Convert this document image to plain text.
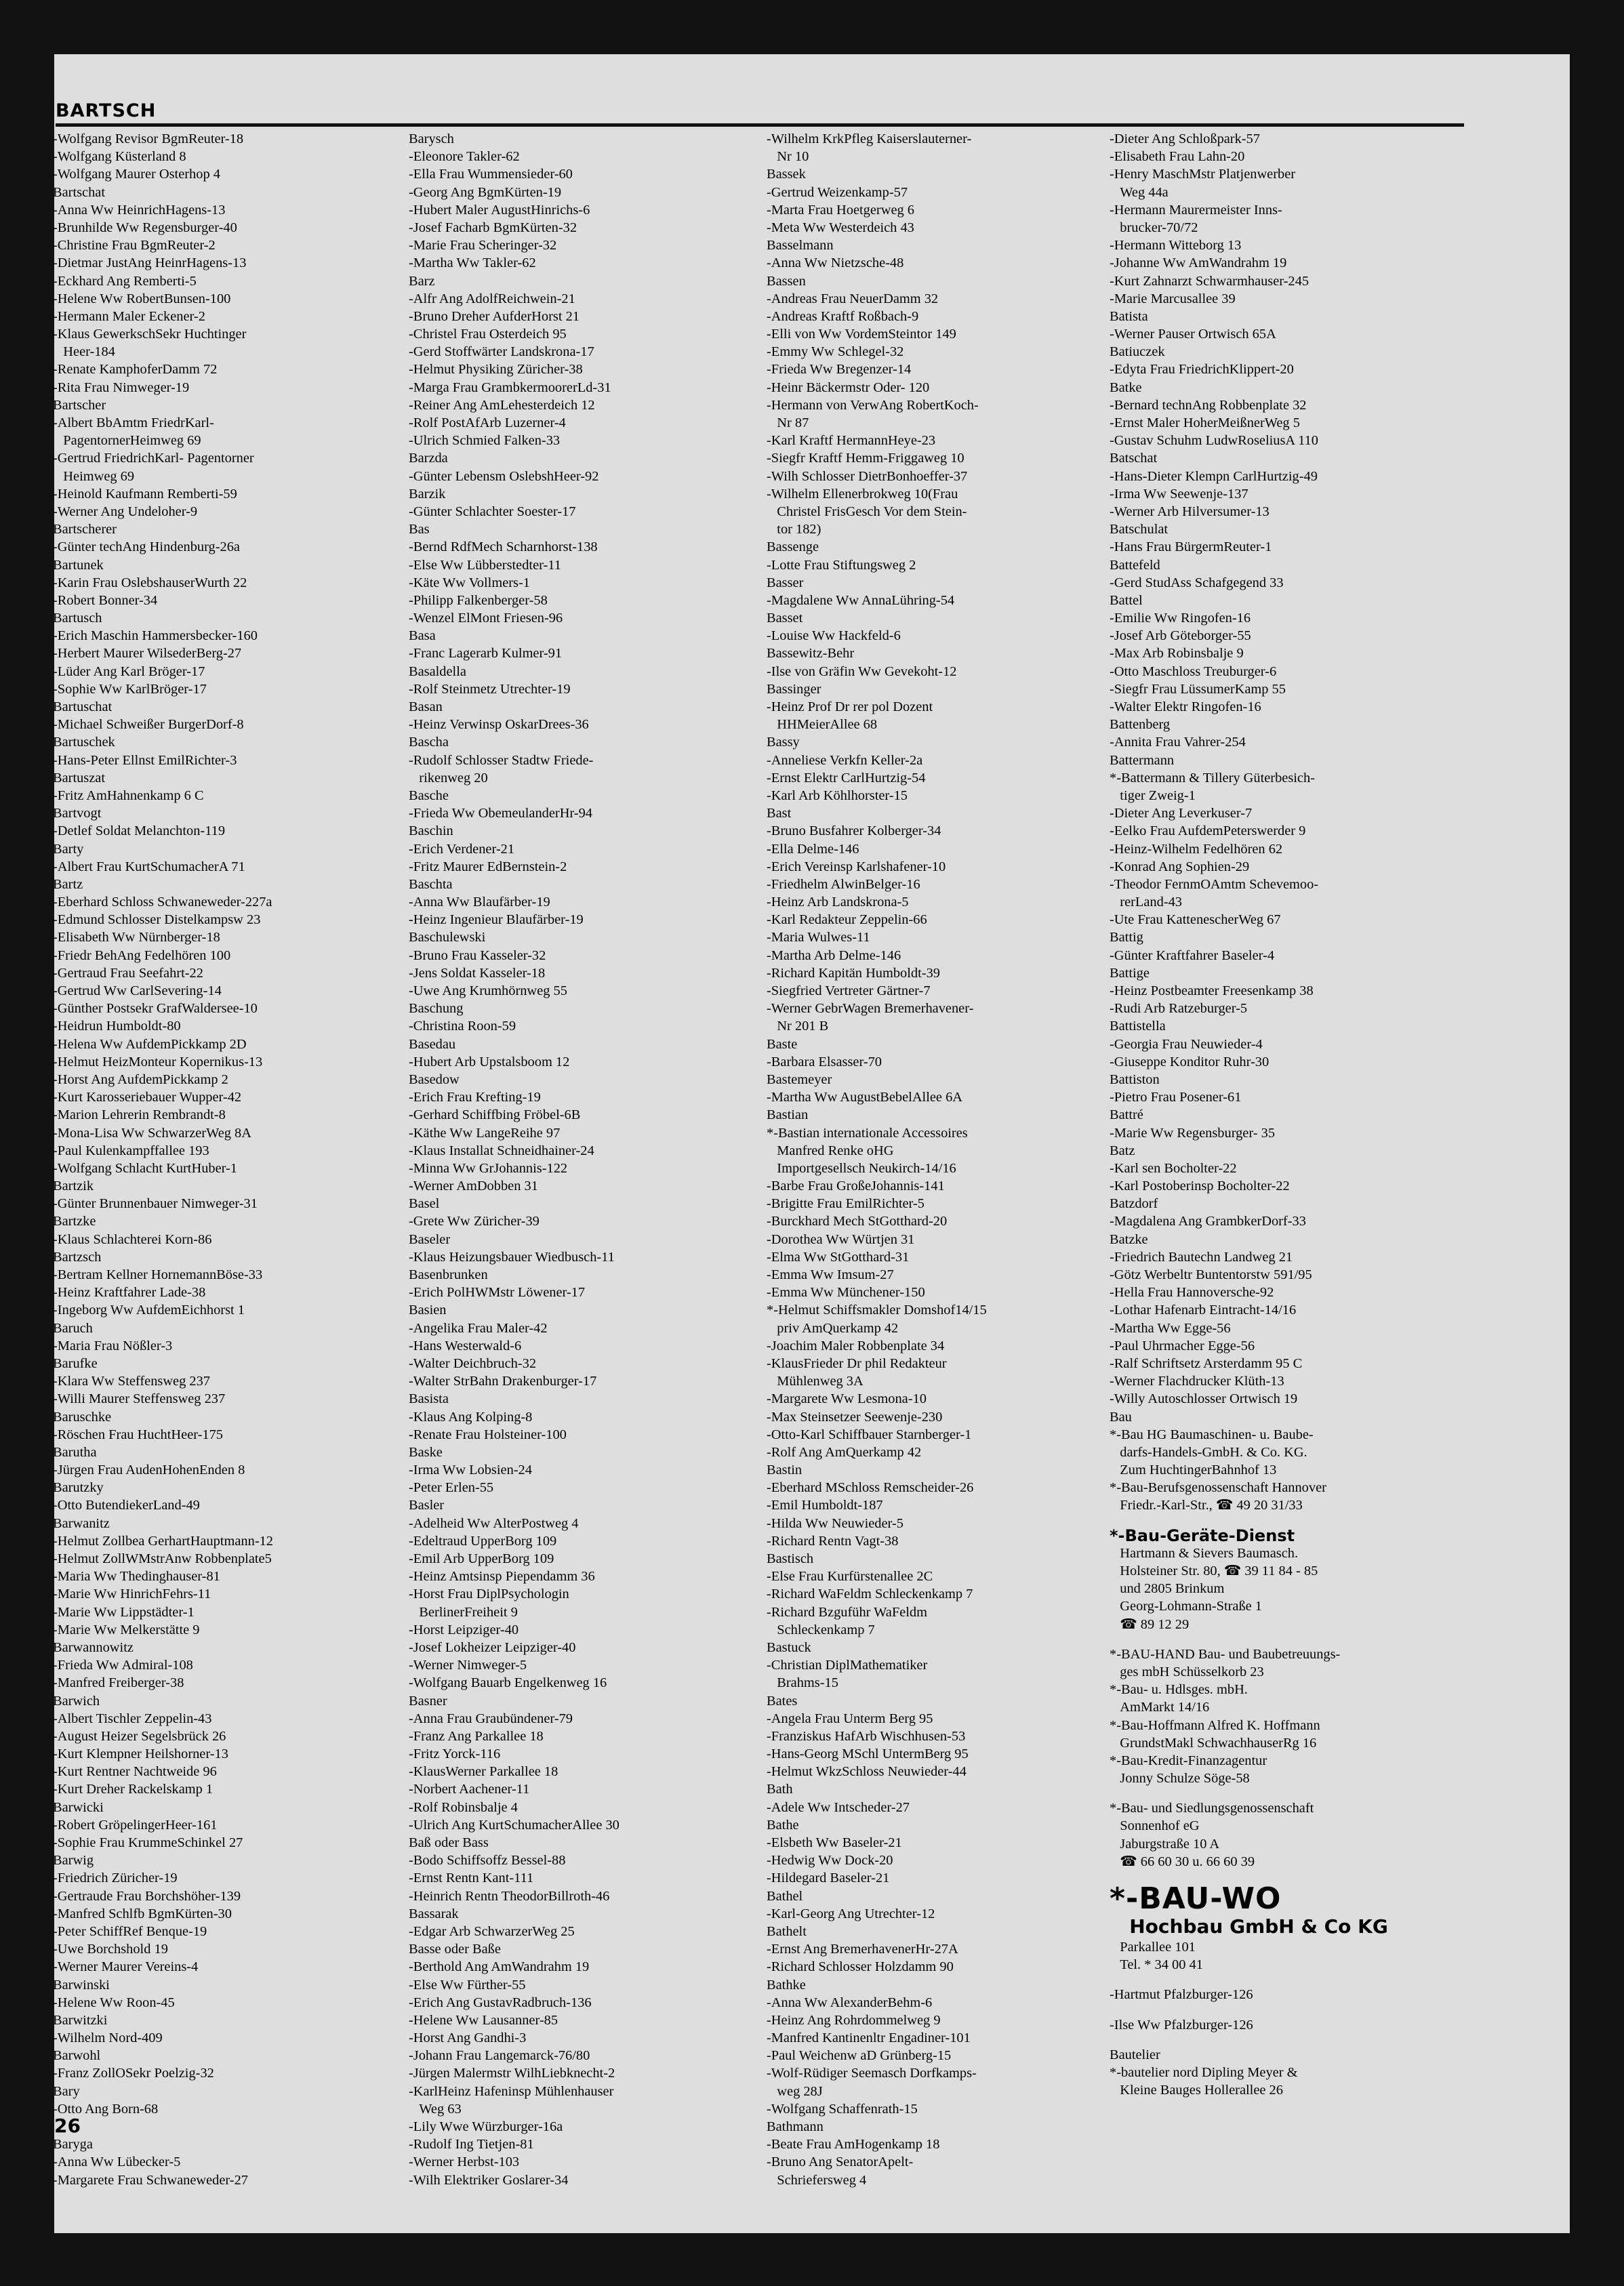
BARTSCH
-Wolfgang Revisor BgmReuter-18
-Wolfgang Küsterland 8
-Wolfgang Maurer Osterhop 4
Bartschat
-Anna Ww HeinrichHagens-13
-Brunhilde Ww Regensburger-40
-Christine Frau BgmReuter-2
-Dietmar JustAng HeinrHagens-13
-Eckhard Ang Remberti-5
-Helene Ww RobertBunsen-100
-Hermann Maler Eckener-2
-Klaus GewerkschSekr Huchtinger
Heer-184
-Renate KamphoferDamm 72
-Rita Frau Nimweger-19
Bartscher
-Albert BbAmtm FriedrKarl-
PagentornerHeimweg 69
-Gertrud FriedrichKarl- Pagentorner
Heimweg 69
-Heinold Kaufmann Remberti-59
-Werner Ang Undeloher-9
Bartscherer
-Günter techAng Hindenburg-26a
Bartunek
-Karin Frau OslebshauserWurth 22
-Robert Bonner-34
Bartusch
-Erich Maschin Hammersbecker-160
-Herbert Maurer WilsederBerg-27
-Lüder Ang Karl Bröger-17
-Sophie Ww KarlBröger-17
Bartuschat
-Michael Schweißer BurgerDorf-8
Bartuschek
-Hans-Peter Ellnst EmilRichter-3
Bartuszat
-Fritz AmHahnenkamp 6 C
Bartvogt
-Detlef Soldat Melanchton-119
Barty
-Albert Frau KurtSchumacherA 71
Bartz
-Eberhard Schloss Schwaneweder-227a
-Edmund Schlosser Distelkampsw 23
-Elisabeth Ww Nürnberger-18
-Friedr BehAng Fedelhören 100
-Gertraud Frau Seefahrt-22
-Gertrud Ww CarlSevering-14
-Günther Postsekr GrafWaldersee-10
-Heidrun Humboldt-80
-Helena Ww AufdemPickkamp 2D
-Helmut HeizMonteur Kopernikus-13
-Horst Ang AufdemPickkamp 2
-Kurt Karosseriebauer Wupper-42
-Marion Lehrerin Rembrandt-8
-Mona-Lisa Ww SchwarzerWeg 8A
-Paul Kulenkampffallee 193
-Wolfgang Schlacht KurtHuber-1
Bartzik
-Günter Brunnenbauer Nimweger-31
Bartzke
-Klaus Schlachterei Korn-86
Bartzsch
-Bertram Kellner HornemannBöse-33
-Heinz Kraftfahrer Lade-38
-Ingeborg Ww AufdemEichhorst 1
Baruch
-Maria Frau Nößler-3
Barufke
-Klara Ww Steffensweg 237
-Willi Maurer Steffensweg 237
Baruschke
-Röschen Frau HuchtHeer-175
Barutha
-Jürgen Frau AudenHohenEnden 8
Barutzky
-Otto ButendiekerLand-49
Barwanitz
-Helmut Zollbea GerhartHauptmann-12
-Helmut ZollWMstrAnw Robbenplate5
-Maria Ww Thedinghauser-81
-Marie Ww HinrichFehrs-11
-Marie Ww Lippstädter-1
-Marie Ww Melkerstätte 9
Barwannowitz
-Frieda Ww Admiral-108
-Manfred Freiberger-38
Barwich
-Albert Tischler Zeppelin-43
-August Heizer Segelsbrück 26
-Kurt Klempner Heilshorner-13
-Kurt Rentner Nachtweide 96
-Kurt Dreher Rackelskamp 1
Barwicki
-Robert GröpelingerHeer-161
-Sophie Frau KrummeSchinkel 27
Barwig
-Friedrich Züricher-19
-Gertraude Frau Borchshöher-139
-Manfred Schlfb BgmKürten-30
-Peter SchiffRef Benque-19
-Uwe Borchshold 19
-Werner Maurer Vereins-4
Barwinski
-Helene Ww Roon-45
Barwitzki
-Wilhelm Nord-409
Barwohl
-Franz ZollOSekr Poelzig-32
Bary
-Otto Ang Born-68
Baryga
-Anna Ww Lübecker-5
-Margarete Frau Schwaneweder-27
Barysch
-Eleonore Takler-62
-Ella Frau Wummensieder-60
-Georg Ang BgmKürten-19
-Hubert Maler AugustHinrichs-6
-Josef Facharb BgmKürten-32
-Marie Frau Scheringer-32
-Martha Ww Takler-62
Barz
-Alfr Ang AdolfReichwein-21
-Bruno Dreher AufderHorst 21
-Christel Frau Osterdeich 95
-Gerd Stoffwärter Landskrona-17
-Helmut Physiking Züricher-38
-Marga Frau GrambkermoorerLd-31
-Reiner Ang AmLehesterdeich 12
-Rolf PostAfArb Luzerner-4
-Ulrich Schmied Falken-33
Barzda
-Günter Lebensm OslebshHeer-92
Barzik
-Günter Schlachter Soester-17
Bas
-Bernd RdfMech Scharnhorst-138
-Else Ww Lübberstedter-11
-Käte Ww Vollmers-1
-Philipp Falkenberger-58
-Wenzel ElMont Friesen-96
Basa
-Franc Lagerarb Kulmer-91
Basaldella
-Rolf Steinmetz Utrechter-19
Basan
-Heinz Verwinsp OskarDrees-36
Bascha
-Rudolf Schlosser Stadtw Friede-
rikenweg 20
Basche
-Frieda Ww ObemeulanderHr-94
Baschin
-Erich Verdener-21
-Fritz Maurer EdBernstein-2
Baschta
-Anna Ww Blaufärber-19
-Heinz Ingenieur Blaufärber-19
Baschulewski
-Bruno Frau Kasseler-32
-Jens Soldat Kasseler-18
-Uwe Ang Krumhörnweg 55
Baschung
-Christina Roon-59
Basedau
-Hubert Arb Upstalsboom 12
Basedow
-Erich Frau Krefting-19
-Gerhard Schiffbing Fröbel-6B
-Käthe Ww LangeReihe 97
-Klaus Installat Schneidhainer-24
-Minna Ww GrJohannis-122
-Werner AmDobben 31
Basel
-Grete Ww Züricher-39
Baseler
-Klaus Heizungsbauer Wiedbusch-11
Basenbrunken
-Erich PolHWMstr Löwener-17
Basien
-Angelika Frau Maler-42
-Hans Westerwald-6
-Walter Deichbruch-32
-Walter StrBahn Drakenburger-17
Basista
-Klaus Ang Kolping-8
-Renate Frau Holsteiner-100
Baske
-Irma Ww Lobsien-24
-Peter Erlen-55
Basler
-Adelheid Ww AlterPostweg 4
-Edeltraud UpperBorg 109
-Emil Arb UpperBorg 109
-Heinz Amtsinsp Piependamm 36
-Horst Frau DiplPsychologin
BerlinerFreiheit 9
-Horst Leipziger-40
-Josef Lokheizer Leipziger-40
-Werner Nimweger-5
-Wolfgang Bauarb Engelkenweg 16
Basner
-Anna Frau Graubündener-79
-Franz Ang Parkallee 18
-Fritz Yorck-116
-KlausWerner Parkallee 18
-Norbert Aachener-11
-Rolf Robinsbalje 4
-Ulrich Ang KurtSchumacherAllee 30
Baß oder Bass
-Bodo Schiffsoffz Bessel-88
-Ernst Rentn Kant-111
-Heinrich Rentn TheodorBillroth-46
Bassarak
-Edgar Arb SchwarzerWeg 25
Basse oder Baße
-Berthold Ang AmWandrahm 19
-Else Ww Fürther-55
-Erich Ang GustavRadbruch-136
-Helene Ww Lausanner-85
-Horst Ang Gandhi-3
-Johann Frau Langemarck-76/80
-Jürgen Malermstr WilhLiebknecht-2
-KarlHeinz Hafeninsp Mühlenhauser
Weg 63
-Lily Wwe Würzburger-16a
-Rudolf Ing Tietjen-81
-Werner Herbst-103
-Wilh Elektriker Goslarer-34
-Wilhelm KrkPfleg Kaiserslauterner-
Nr 10
Bassek
-Gertrud Weizenkamp-57
-Marta Frau Hoetgerweg 6
-Meta Ww Westerdeich 43
Basselmann
-Anna Ww Nietzsche-48
Bassen
-Andreas Frau NeuerDamm 32
-Andreas Kraftf Roßbach-9
-Elli von Ww VordemSteintor 149
-Emmy Ww Schlegel-32
-Frieda Ww Bregenzer-14
-Heinr Bäckermstr Oder- 120
-Hermann von VerwAng RobertKoch-
Nr 87
-Karl Kraftf HermannHeye-23
-Siegfr Kraftf Hemm-Friggaweg 10
-Wilh Schlosser DietrBonhoeffer-37
-Wilhelm Ellenerbrokweg 10(Frau
Christel FrisGesch Vor dem Stein-
tor 182)
Bassenge
-Lotte Frau Stiftungsweg 2
Basser
-Magdalene Ww AnnaLühring-54
Basset
-Louise Ww Hackfeld-6
Bassewitz-Behr
-Ilse von Gräfin Ww Gevekoht-12
Bassinger
-Heinz Prof Dr rer pol Dozent
HHMeierAllee 68
Bassy
-Anneliese Verkfn Keller-2a
-Ernst Elektr CarlHurtzig-54
-Karl Arb Köhlhorster-15
Bast
-Bruno Busfahrer Kolberger-34
-Ella Delme-146
-Erich Vereinsp Karlshafener-10
-Friedhelm AlwinBelger-16
-Heinz Arb Landskrona-5
-Karl Redakteur Zeppelin-66
-Maria Wulwes-11
-Martha Arb Delme-146
-Richard Kapitän Humboldt-39
-Siegfried Vertreter Gärtner-7
-Werner GebrWagen Bremerhavener-
Nr 201 B
Baste
-Barbara Elsasser-70
Bastemeyer
-Martha Ww AugustBebelAllee 6A
Bastian
*-Bastian internationale Accessoires
Manfred Renke oHG
Importgesellsch Neukirch-14/16
-Barbe Frau GroßeJohannis-141
-Brigitte Frau EmilRichter-5
-Burckhard Mech StGotthard-20
-Dorothea Ww Würtjen 31
-Elma Ww StGotthard-31
-Emma Ww Imsum-27
-Emma Ww Münchener-150
*-Helmut Schiffsmakler Domshof14/15
priv AmQuerkamp 42
-Joachim Maler Robbenplate 34
-KlausFrieder Dr phil Redakteur
Mühlenweg 3A
-Margarete Ww Lesmona-10
-Max Steinsetzer Seewenje-230
-Otto-Karl Schiffbauer Starnberger-1
-Rolf Ang AmQuerkamp 42
Bastin
-Eberhard MSchloss Remscheider-26
-Emil Humboldt-187
-Hilda Ww Neuwieder-5
-Richard Rentn Vagt-38
Bastisch
-Else Frau Kurfürstenallee 2C
-Richard WaFeldm Schleckenkamp 7
-Richard Bzguführ WaFeldm
Schleckenkamp 7
Bastuck
-Christian DiplMathematiker
Brahms-15
Bates
-Angela Frau Unterm Berg 95
-Franziskus HafArb Wischhusen-53
-Hans-Georg MSchl UntermBerg 95
-Helmut WkzSchloss Neuwieder-44
Bath
-Adele Ww Intscheder-27
Bathe
-Elsbeth Ww Baseler-21
-Hedwig Ww Dock-20
-Hildegard Baseler-21
Bathel
-Karl-Georg Ang Utrechter-12
Bathelt
-Ernst Ang BremerhavenerHr-27A
-Richard Schlosser Holzdamm 90
Bathke
-Anna Ww AlexanderBehm-6
-Heinz Ang Rohrdommelweg 9
-Manfred Kantinenltr Engadiner-101
-Paul Weichenw aD Grünberg-15
-Wolf-Rüdiger Seemasch Dorfkamps-
weg 28J
-Wolfgang Schaffenrath-15
Bathmann
-Beate Frau AmHogenkamp 18
-Bruno Ang SenatorApelt-
Schriefersweg 4
-Dieter Ang Schloßpark-57
-Elisabeth Frau Lahn-20
-Henry MaschMstr Platjenwerber
Weg 44a
-Hermann Maurermeister Inns-
brucker-70/72
-Hermann Witteborg 13
-Johanne Ww AmWandrahm 19
-Kurt Zahnarzt Schwarmhauser-245
-Marie Marcusallee 39
Batista
-Werner Pauser Ortwisch 65A
Batiuczek
-Edyta Frau FriedrichKlippert-20
Batke
-Bernard technAng Robbenplate 32
-Ernst Maler HoherMeißnerWeg 5
-Gustav Schuhm LudwRoseliusA 110
Batschat
-Hans-Dieter Klempn CarlHurtzig-49
-Irma Ww Seewenje-137
-Werner Arb Hilversumer-13
Batschulat
-Hans Frau BürgermReuter-1
Battefeld
-Gerd StudAss Schafgegend 33
Battel
-Emilie Ww Ringofen-16
-Josef Arb Göteborger-55
-Max Arb Robinsbalje 9
-Otto Maschloss Treuburger-6
-Siegfr Frau LüssumerKamp 55
-Walter Elektr Ringofen-16
Battenberg
-Annita Frau Vahrer-254
Battermann
*-Battermann & Tillery Güterbesich-
tiger Zweig-1
-Dieter Ang Leverkuser-7
-Eelko Frau AufdemPeterswerder 9
-Heinz-Wilhelm Fedelhören 62
-Konrad Ang Sophien-29
-Theodor FernmOAmtm Schevemoo-
rerLand-43
-Ute Frau KattenescherWeg 67
Battig
-Günter Kraftfahrer Baseler-4
Battige
-Heinz Postbeamter Freesenkamp 38
-Rudi Arb Ratzeburger-5
Battistella
-Georgia Frau Neuwieder-4
-Giuseppe Konditor Ruhr-30
Battiston
-Pietro Frau Posener-61
Battré
-Marie Ww Regensburger- 35
Batz
-Karl sen Bocholter-22
-Karl Postoberinsp Bocholter-22
Batzdorf
-Magdalena Ang GrambkerDorf-33
Batzke
-Friedrich Bautechn Landweg 21
-Götz Werbeltr Buntentorstw 591/95
-Hella Frau Hannoversche-92
-Lothar Hafenarb Eintracht-14/16
-Martha Ww Egge-56
-Paul Uhrmacher Egge-56
-Ralf Schriftsetz Arsterdamm 95 C
-Werner Flachdrucker Klüth-13
-Willy Autoschlosser Ortwisch 19
Bau
*-Bau HG Baumaschinen- u. Baube-
darfs-Handels-GmbH. & Co. KG.
Zum HuchtingerBahnhof 13
*-Bau-Berufsgenossenschaft Hannover
Friedr.-Karl-Str., ☎ 49 20 31/33
*-Bau-Geräte-Dienst
Hartmann & Sievers Baumasch.
Holsteiner Str. 80, ☎ 39 11 84 - 85
und 2805 Brinkum
Georg-Lohmann-Straße 1
☎ 89 12 29
*-BAU-HAND Bau- und Baubetreuungs-
ges mbH Schüsselkorb 23
*-Bau- u. Hdlsges. mbH.
AmMarkt 14/16
*-Bau-Hoffmann Alfred K. Hoffmann
GrundstMakl SchwachhauserRg 16
*-Bau-Kredit-Finanzagentur
Jonny Schulze Söge-58
*-Bau- und Siedlungsgenossenschaft
Sonnenhof eG
Jaburgstraße 10 A
☎ 66 60 30 u. 66 60 39
*-BAU-WO
Hochbau GmbH & Co KG
Parkallee 101
Tel. * 34 00 41
-Hartmut Pfalzburger-126
-Ilse Ww Pfalzburger-126
Bautelier
*-bautelier nord Dipling Meyer &
Kleine Bauges Hollerallee 26
26
